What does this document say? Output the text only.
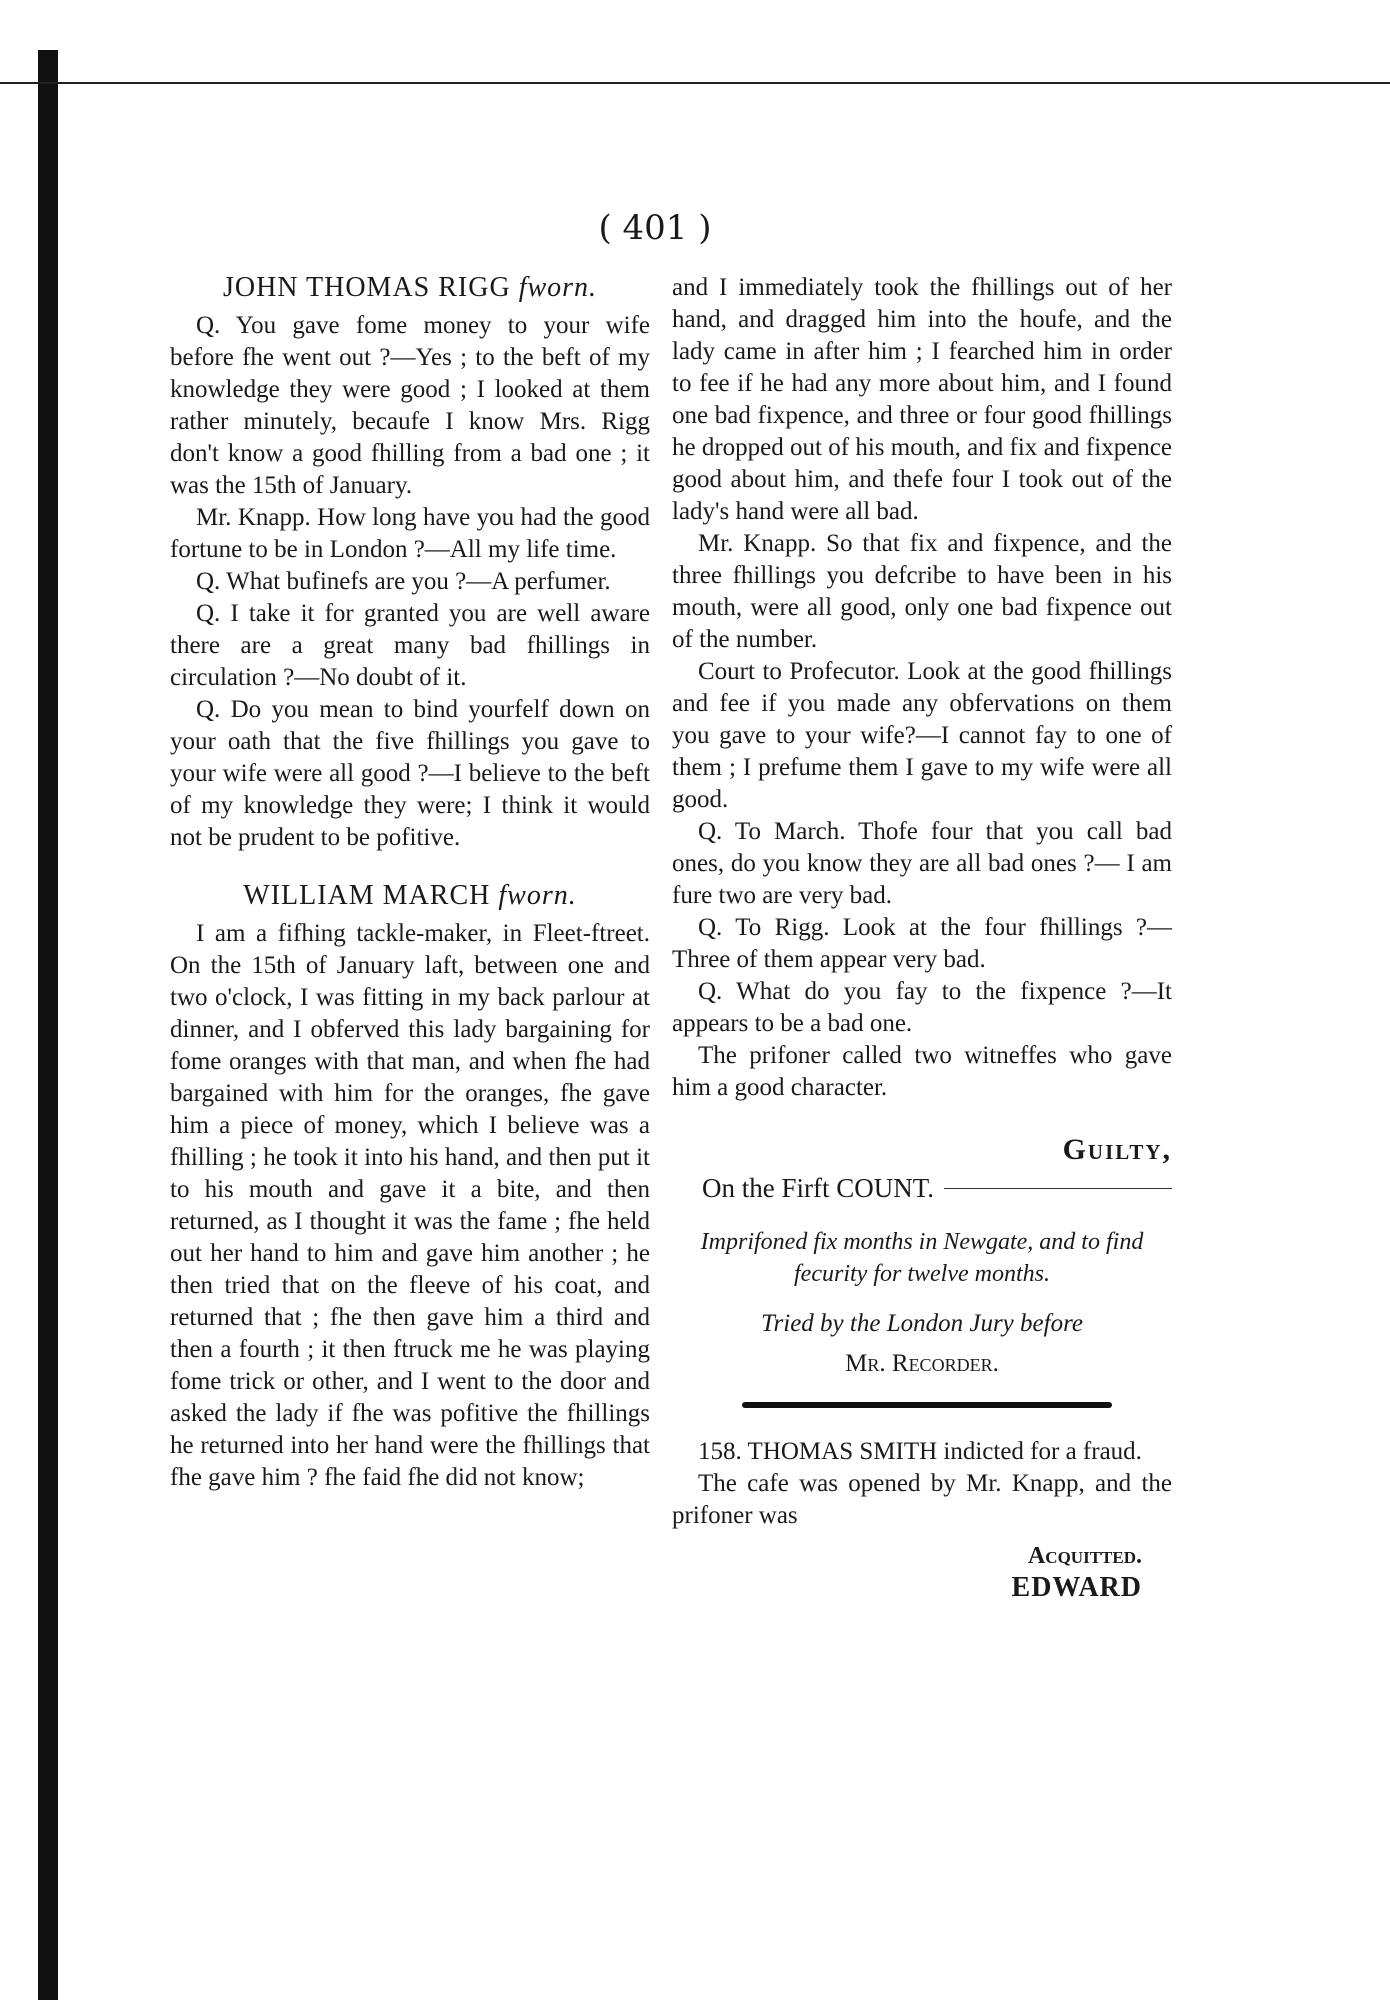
( 401 )
JOHN THOMAS RIGG fworn.

Q. You gave fome money to your wife before fhe went out ?—Yes ; to the beft of my knowledge they were good ; I looked at them rather minutely, becaufe I know Mrs. Rigg don't know a good fhilling from a bad one ; it was the 15th of January.

Mr. Knapp. How long have you had the good fortune to be in London ?—All my life time.

Q. What bufinefs are you ?—A perfumer.

Q. I take it for granted you are well aware there are a great many bad fhillings in circulation ?—No doubt of it.

Q. Do you mean to bind yourfelf down on your oath that the five fhillings you gave to your wife were all good ?—I believe to the beft of my knowledge they were; I think it would not be prudent to be pofitive.

WILLIAM MARCH fworn.

I am a fifhing tackle-maker, in Fleet-ftreet. On the 15th of January laft, between one and two o'clock, I was fitting in my back parlour at dinner, and I obferved this lady bargaining for fome oranges with that man, and when fhe had bargained with him for the oranges, fhe gave him a piece of money, which I believe was a fhilling ; he took it into his hand, and then put it to his mouth and gave it a bite, and then returned, as I thought it was the fame ; fhe held out her hand to him and gave him another ; he then tried that on the fleeve of his coat, and returned that ; fhe then gave him a third and then a fourth ; it then ftruck me he was playing fome trick or other, and I went to the door and asked the lady if fhe was pofitive the fhillings he returned into her hand were the fhillings that fhe gave him ? fhe faid fhe did not know;

and I immediately took the fhillings out of her hand, and dragged him into the houfe, and the lady came in after him ; I fearched him in order to fee if he had any more about him, and I found one bad fixpence, and three or four good fhillings he dropped out of his mouth, and fix and fixpence good about him, and thefe four I took out of the lady's hand were all bad.

Mr. Knapp. So that fix and fixpence, and the three fhillings you defcribe to have been in his mouth, were all good, only one bad fixpence out of the number.

Court to Profecutor. Look at the good fhillings and fee if you made any obfervations on them you gave to your wife?—I cannot fay to one of them ; I prefume them I gave to my wife were all good.

Q. To March. Thofe four that you call bad ones, do you know they are all bad ones ?— I am fure two are very bad.

Q. To Rigg. Look at the four fhillings ?—Three of them appear very bad.

Q. What do you fay to the fixpence ?—It appears to be a bad one.

The prifoner called two witneffes who gave him a good character.

Guilty,
On the Firft COUNT.
Imprifoned fix months in Newgate, and to find fecurity for twelve months.
Tried by the London Jury before
Mr. Recorder.

158. THOMAS SMITH indicted for a fraud.

The cafe was opened by Mr. Knapp, and the prifoner was

Acquitted.
EDWARD
